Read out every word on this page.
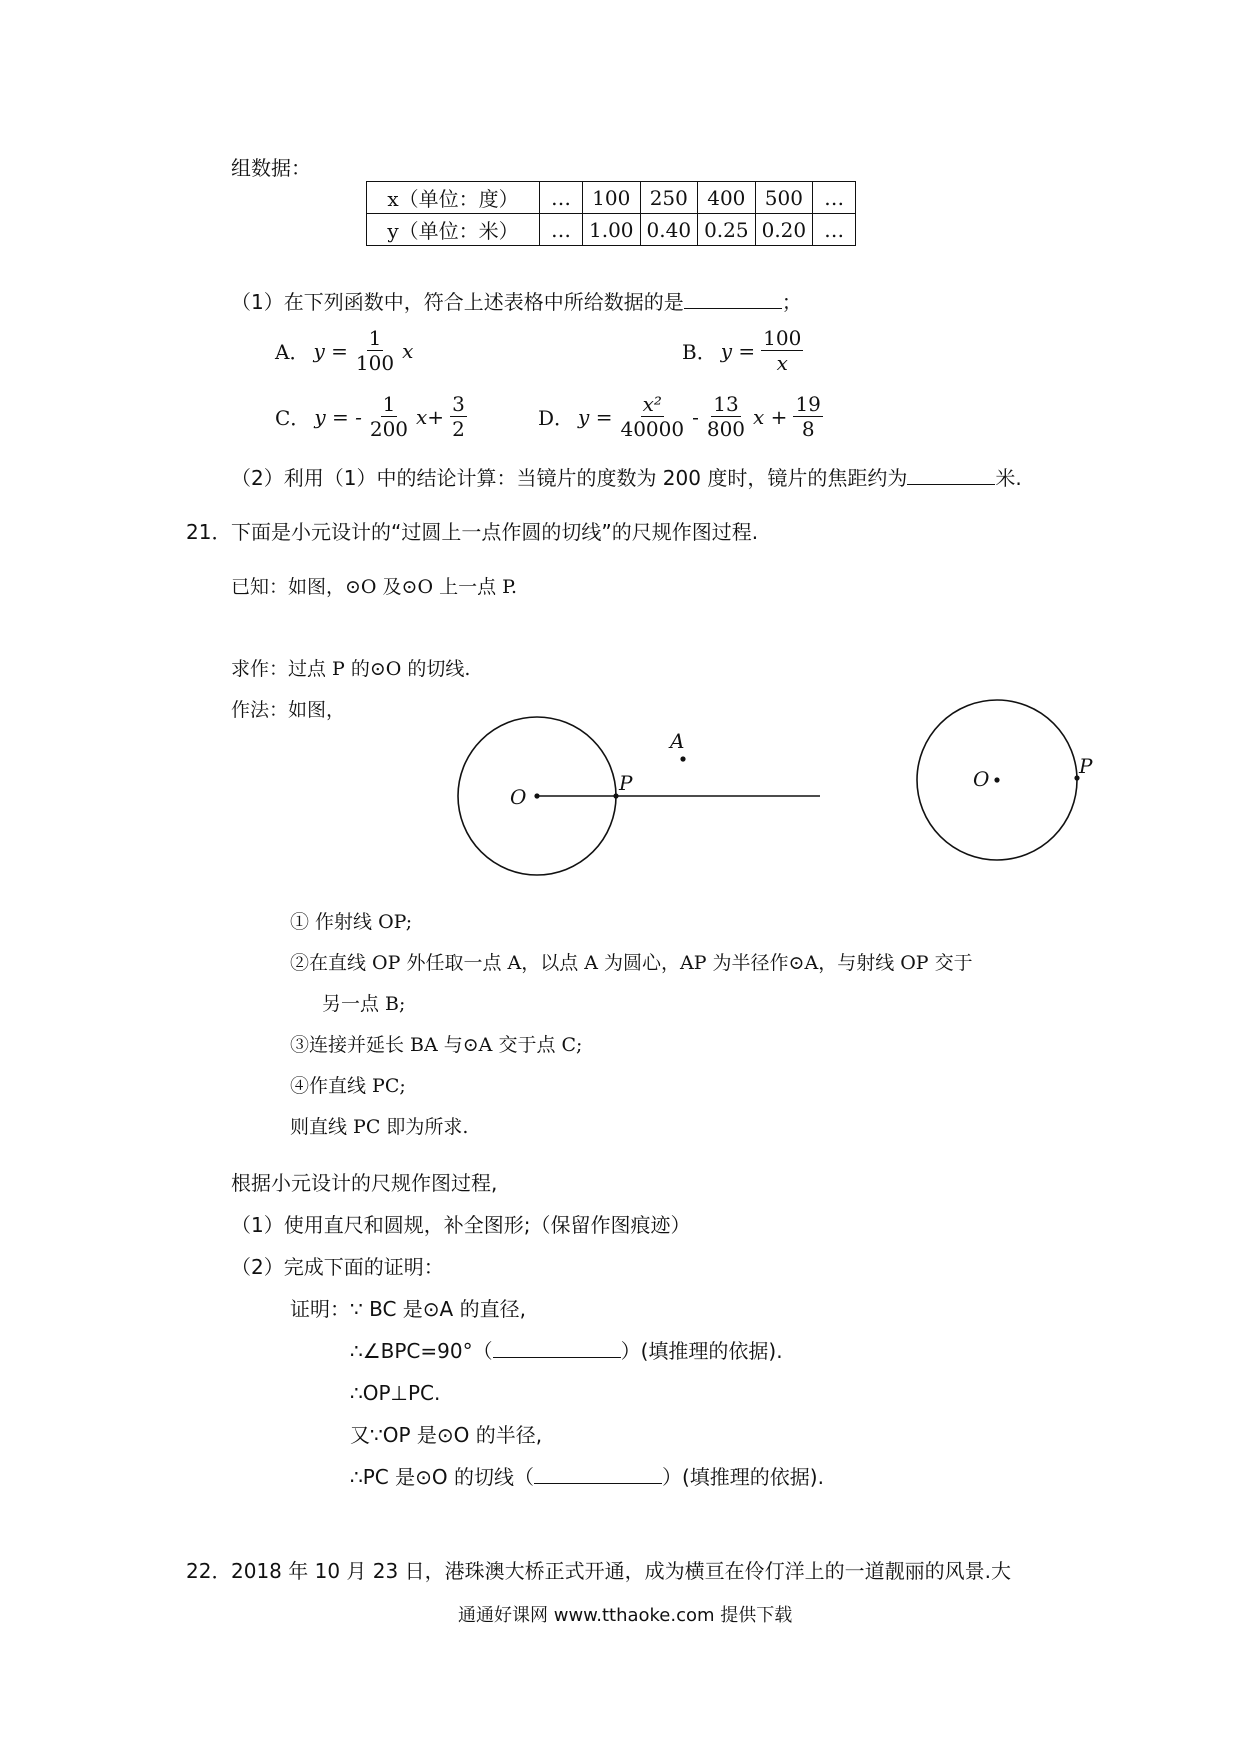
组数据：
x（单位：度）	…	100	250	400	500	…
y（单位：米）	…	1.00	0.40	0.25	0.20	…
（1）在下列函数中，符合上述表格中所给数据的是	；
A． $y = \frac{1}{100}$ x	B． $y = \frac{100}{x}$
C． y = - $\frac{1}{200} x+ \frac{3}{2}$	D． $y = \frac{\text{x²}}{40000} - \frac{13}{800}$ $x + \frac{19}{8}$
（2）利用（1）中的结论计算：当镜片的度数为 200 度时，镜片的焦距约为	米.
21． 下面是小元设计的“过圆上一点作圆的切线”的尺规作图过程.
已知：如图，⊙O 及⊙O 上一点 P.
求作：过点 P 的⊙O 的切线.
作法：如图，
O
P
A
O
P
① 作射线 OP;
②在直线 OP 外任取一点 A，以点 A 为圆心，AP 为半径作⊙A，与射线 OP 交于
另一点 B;
③连接并延长 BA 与⊙A 交于点 C;
④作直线 PC;
则直线 PC 即为所求.
根据小元设计的尺规作图过程,
（1）使用直尺和圆规，补全图形;（保留作图痕迹）
（2）完成下面的证明：
证明：∵ BC 是⊙A 的直径,
∴∠BPC=90°（	）(填推理的依据).
∴OP⊥PC.
又∵OP 是⊙O 的半径,
∴PC 是⊙O 的切线（	）(填推理的依据).
22． 2018 年 10 月 23 日，港珠澳大桥正式开通，成为横亘在伶仃洋上的一道靓丽的风景.大
通通好课网 www.tthaoke.com 提供下载
